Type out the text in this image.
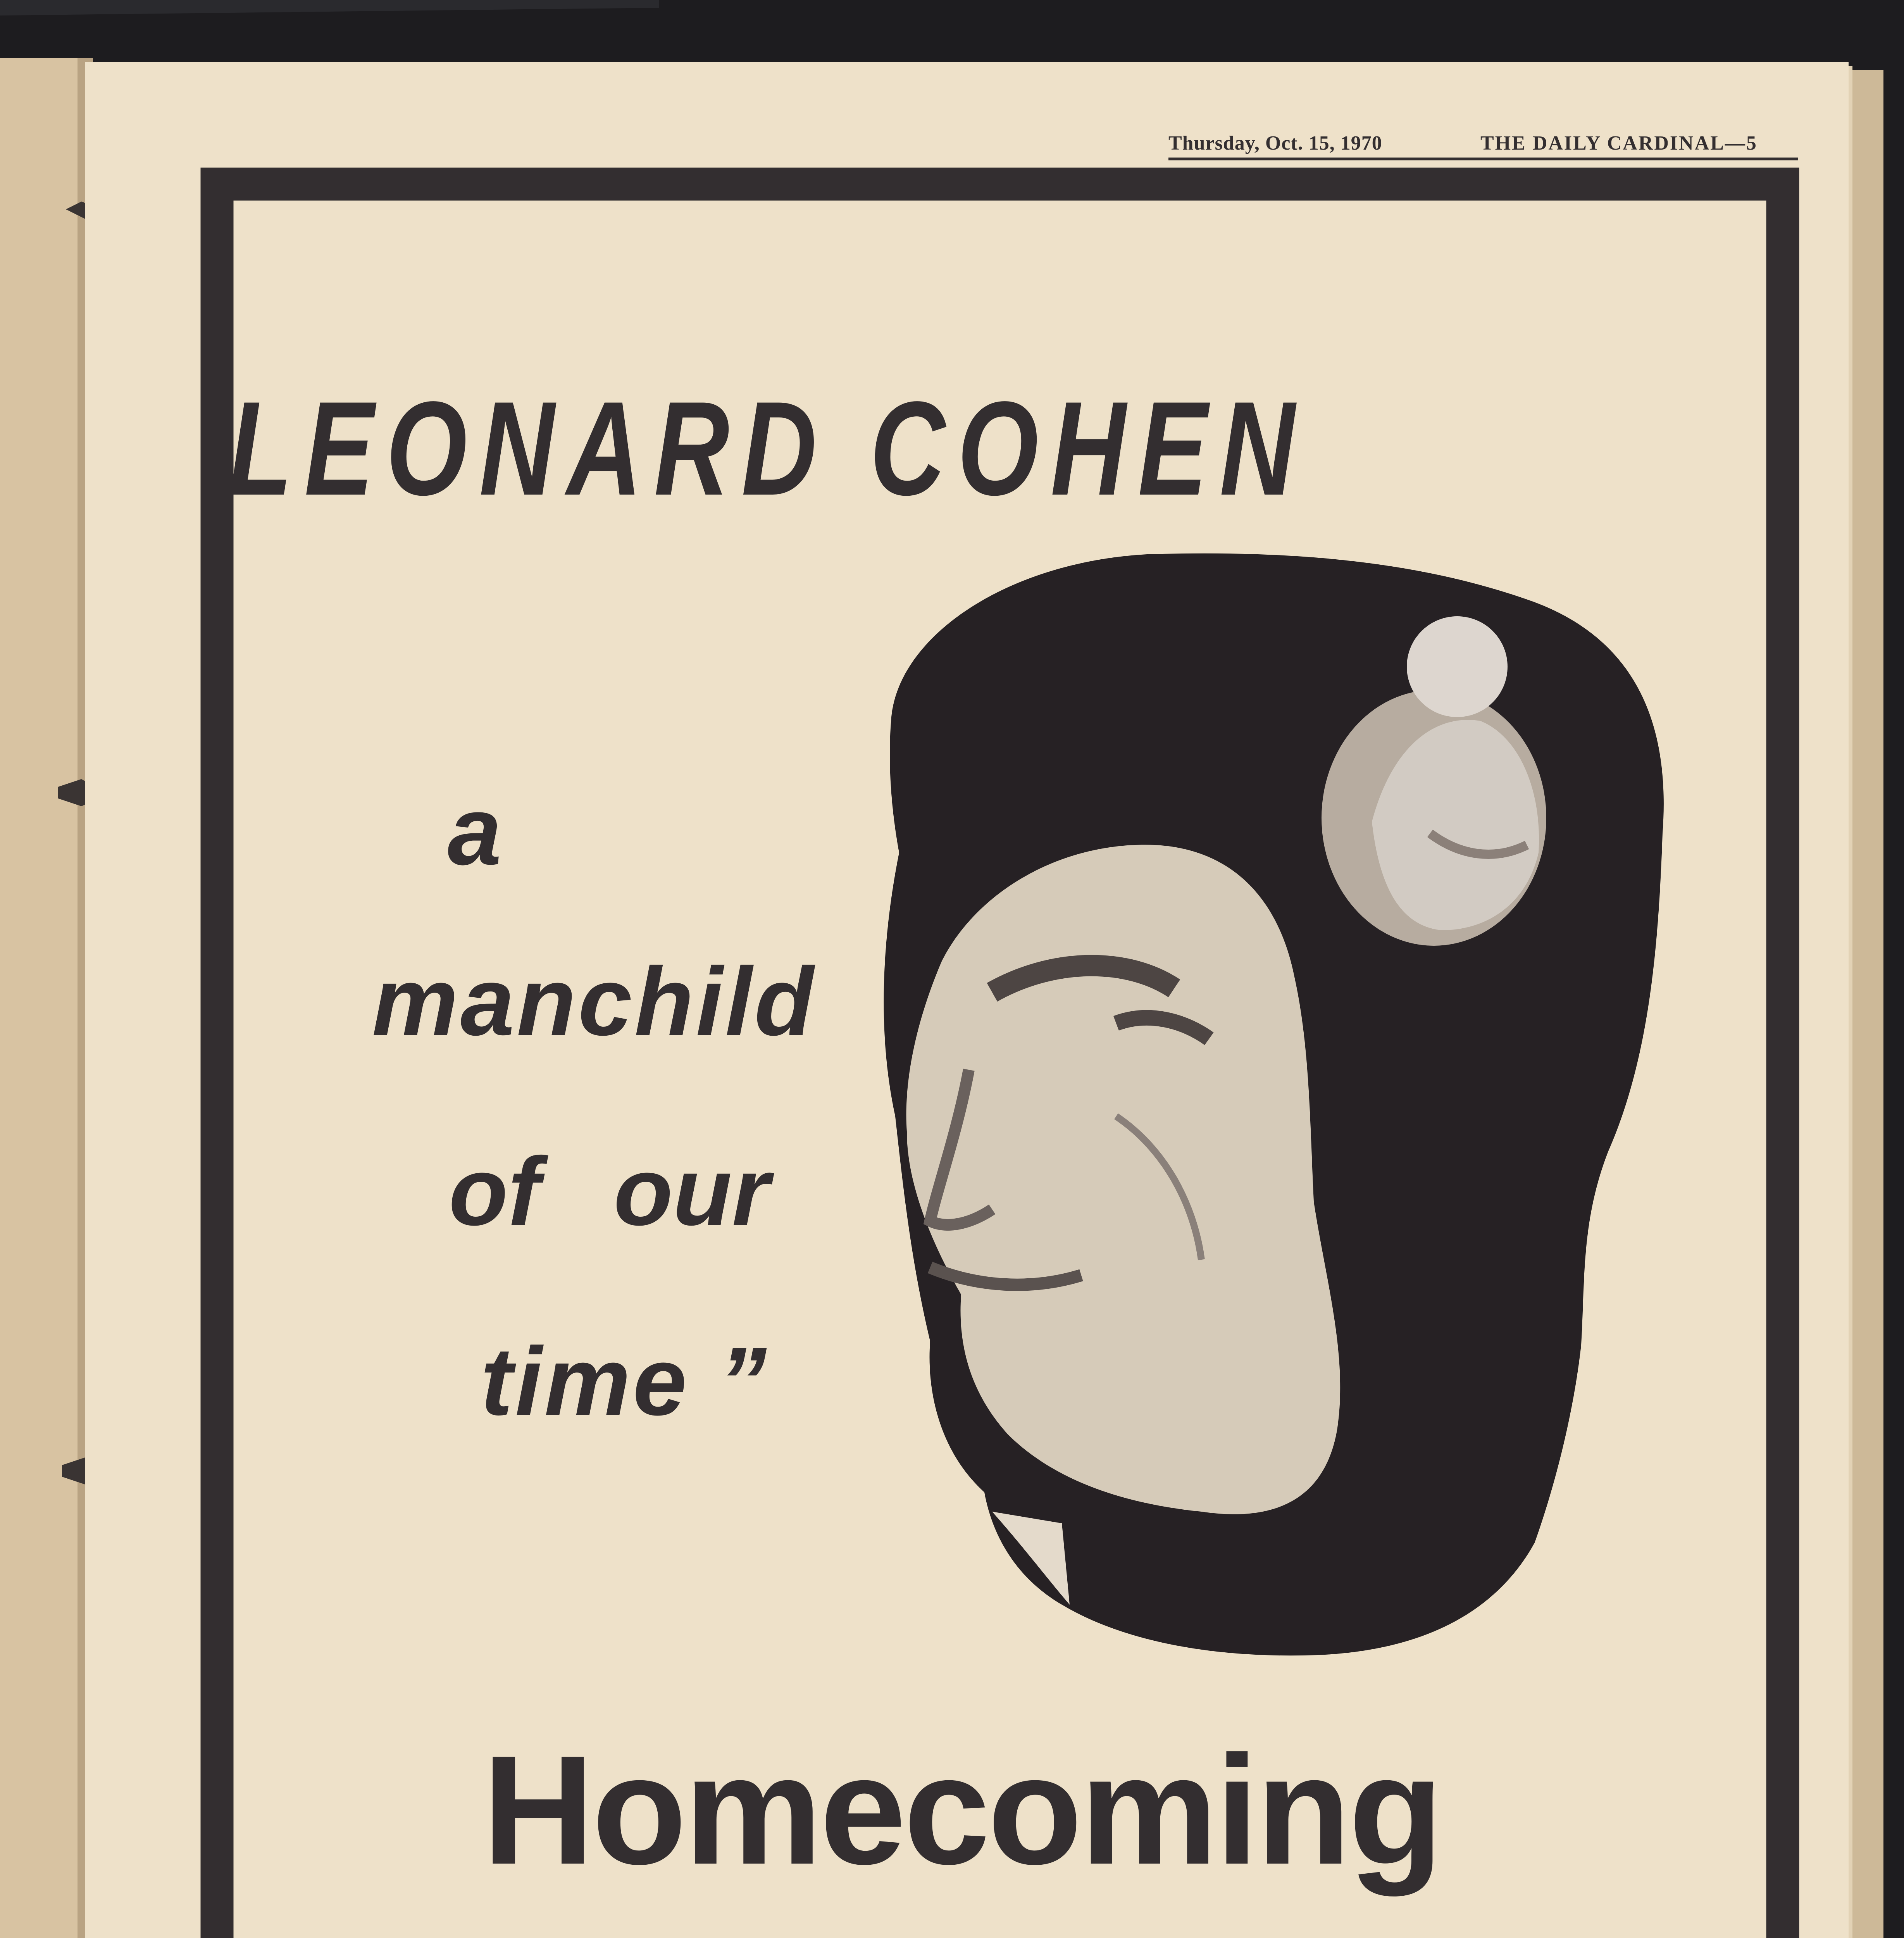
Thursday, Oct. 15, 1970	THE DAILY CARDINAL—5
LEONARD COHEN
a
manchild
of our
time ”
Homecoming
